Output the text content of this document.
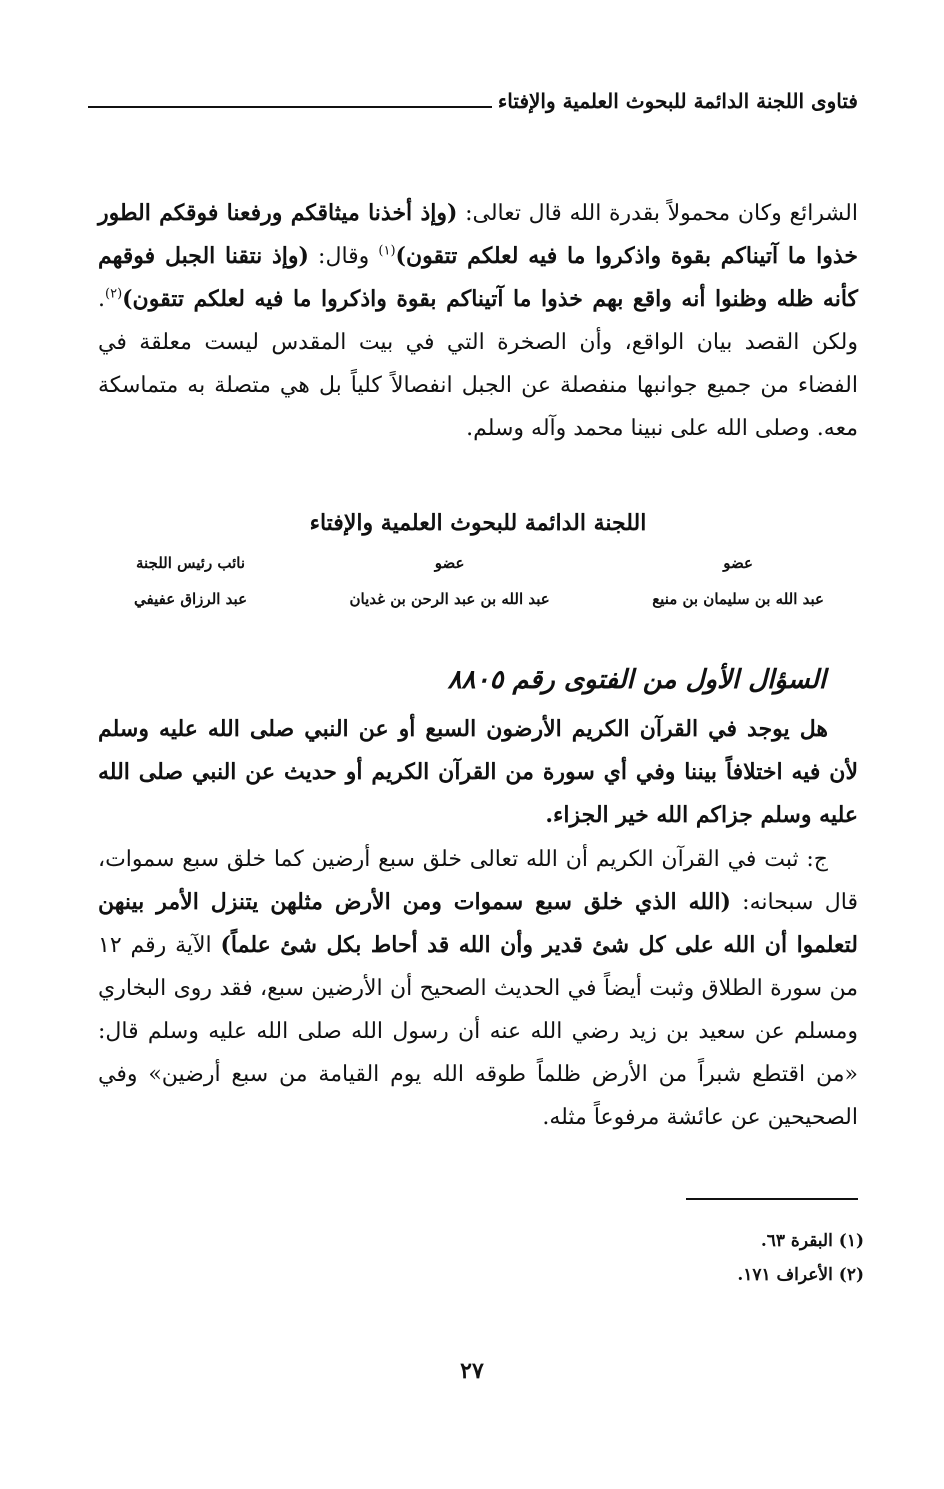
فتاوى اللجنة الدائمة للبحوث العلمية والإفتاء
الشرائع وكان محمولاً بقدرة الله قال تعالى: (وإذ أخذنا ميثاقكم ورفعنا فوقكم الطور خذوا ما آتيناكم بقوة واذكروا ما فيه لعلكم تتقون)$^{(١)}$ وقال: (وإذ نتقنا الجبل فوقهم كأنه ظله وظنوا أنه واقع بهم خذوا ما آتيناكم بقوة واذكروا ما فيه لعلكم تتقون)$^{(٢)}$. ولكن القصد بيان الواقع، وأن الصخرة التي في بيت المقدس ليست معلقة في الفضاء من جميع جوانبها منفصلة عن الجبل انفصالاً كلياً بل هي متصلة به متماسكة معه. وصلى الله على نبينا محمد وآله وسلم.
اللجنة الدائمة للبحوث العلمية والإفتاء
عضو
عبد الله بن سليمان بن منيع
عضو
عبد الله بن عبد الرحن بن غديان
نائب رئيس اللجنة
عبد الرزاق عفيفي
السؤال الأول من الفتوى رقم ٨٨٠٥
هل يوجد في القرآن الكريم الأرضون السبع أو عن النبي صلى الله عليه وسلم لأن فيه اختلافاً بيننا وفي أي سورة من القرآن الكريم أو حديث عن النبي صلى الله عليه وسلم جزاكم الله خير الجزاء.
ج: ثبت في القرآن الكريم أن الله تعالى خلق سبع أرضين كما خلق سبع سموات، قال سبحانه: (الله الذي خلق سبع سموات ومن الأرض مثلهن يتنزل الأمر بينهن لتعلموا أن الله على كل شئ قدير وأن الله قد أحاط بكل شئ علماً) الآية رقم ١٢ من سورة الطلاق وثبت أيضاً في الحديث الصحيح أن الأرضين سبع، فقد روى البخاري ومسلم عن سعيد بن زيد رضي الله عنه أن رسول الله صلى الله عليه وسلم قال: «من اقتطع شبراً من الأرض ظلماً طوقه الله يوم القيامة من سبع أرضين» وفي الصحيحين عن عائشة مرفوعاً مثله.
(١) البقرة ٦٣.
(٢) الأعراف ١٧١.
٢٧
